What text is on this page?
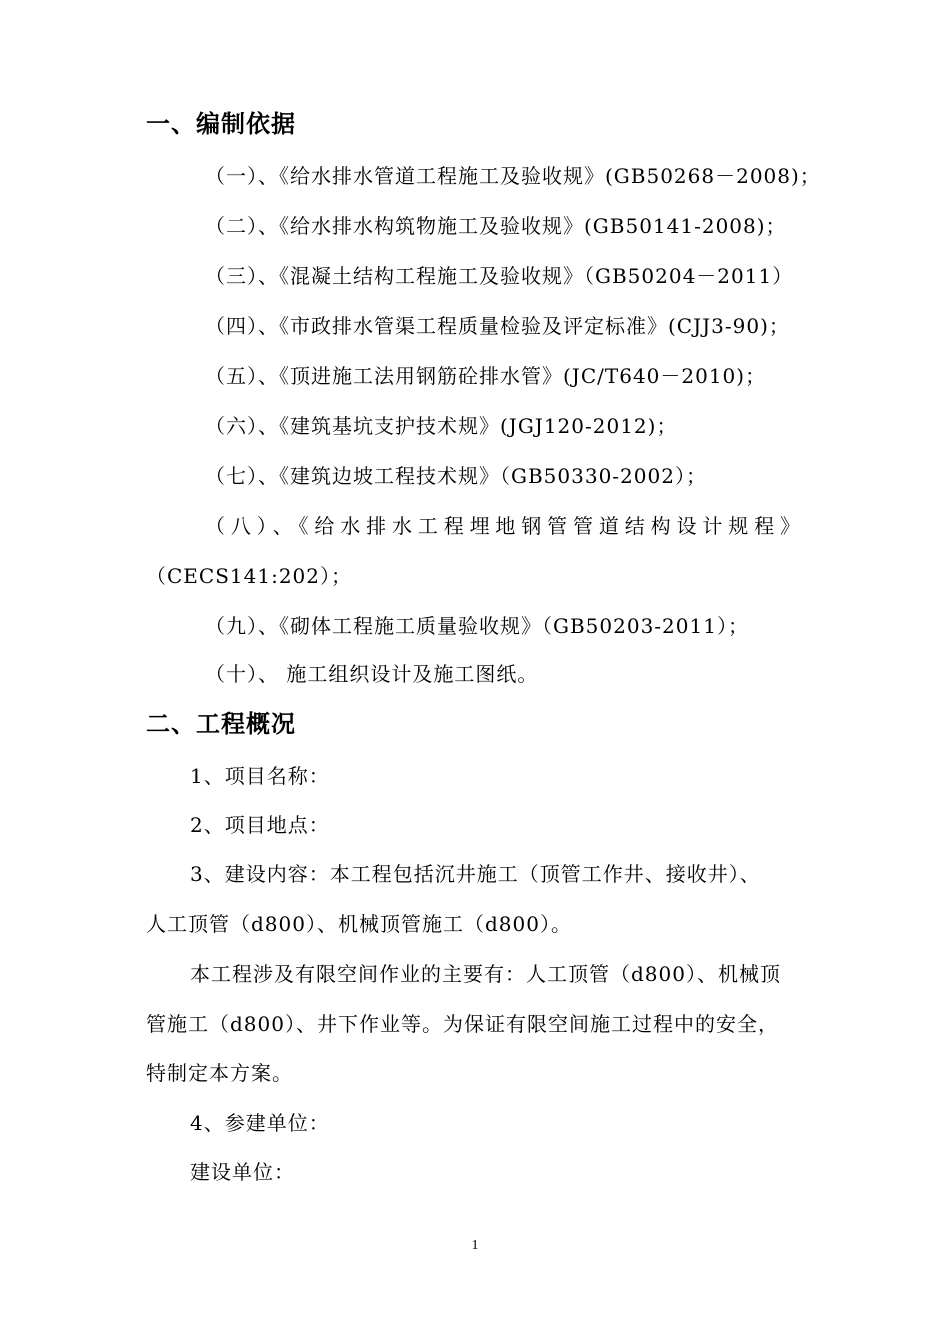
一、编制依据
（一）、《给水排水管道工程施工及验收规》(GB50268－2008)；
（二）、《给水排水构筑物施工及验收规》(GB50141-2008)；
（三）、《混凝土结构工程施工及验收规》（GB50204－2011）
（四）、《市政排水管渠工程质量检验及评定标准》(CJJ3-90)；
（五）、《顶进施工法用钢筋砼排水管》(JC/T640－2010)；
（六）、《建筑基坑支护技术规》(JGJ120-2012)；
（七）、《建筑边坡工程技术规》（GB50330-2002）；
（八）、《给水排水工程埋地钢管管道结构设计规程》
（CECS141:202）；
（九）、《砌体工程施工质量验收规》（GB50203-2011）；
（十）、 施工组织设计及施工图纸。
二、工程概况
1、项目名称：
2、项目地点：
3、建设内容：本工程包括沉井施工（顶管工作井、接收井）、
人工顶管（d800）、机械顶管施工（d800）。
本工程涉及有限空间作业的主要有：人工顶管（d800）、机械顶
管施工（d800）、井下作业等。为保证有限空间施工过程中的安全，
特制定本方案。
4、参建单位：
建设单位：
1
